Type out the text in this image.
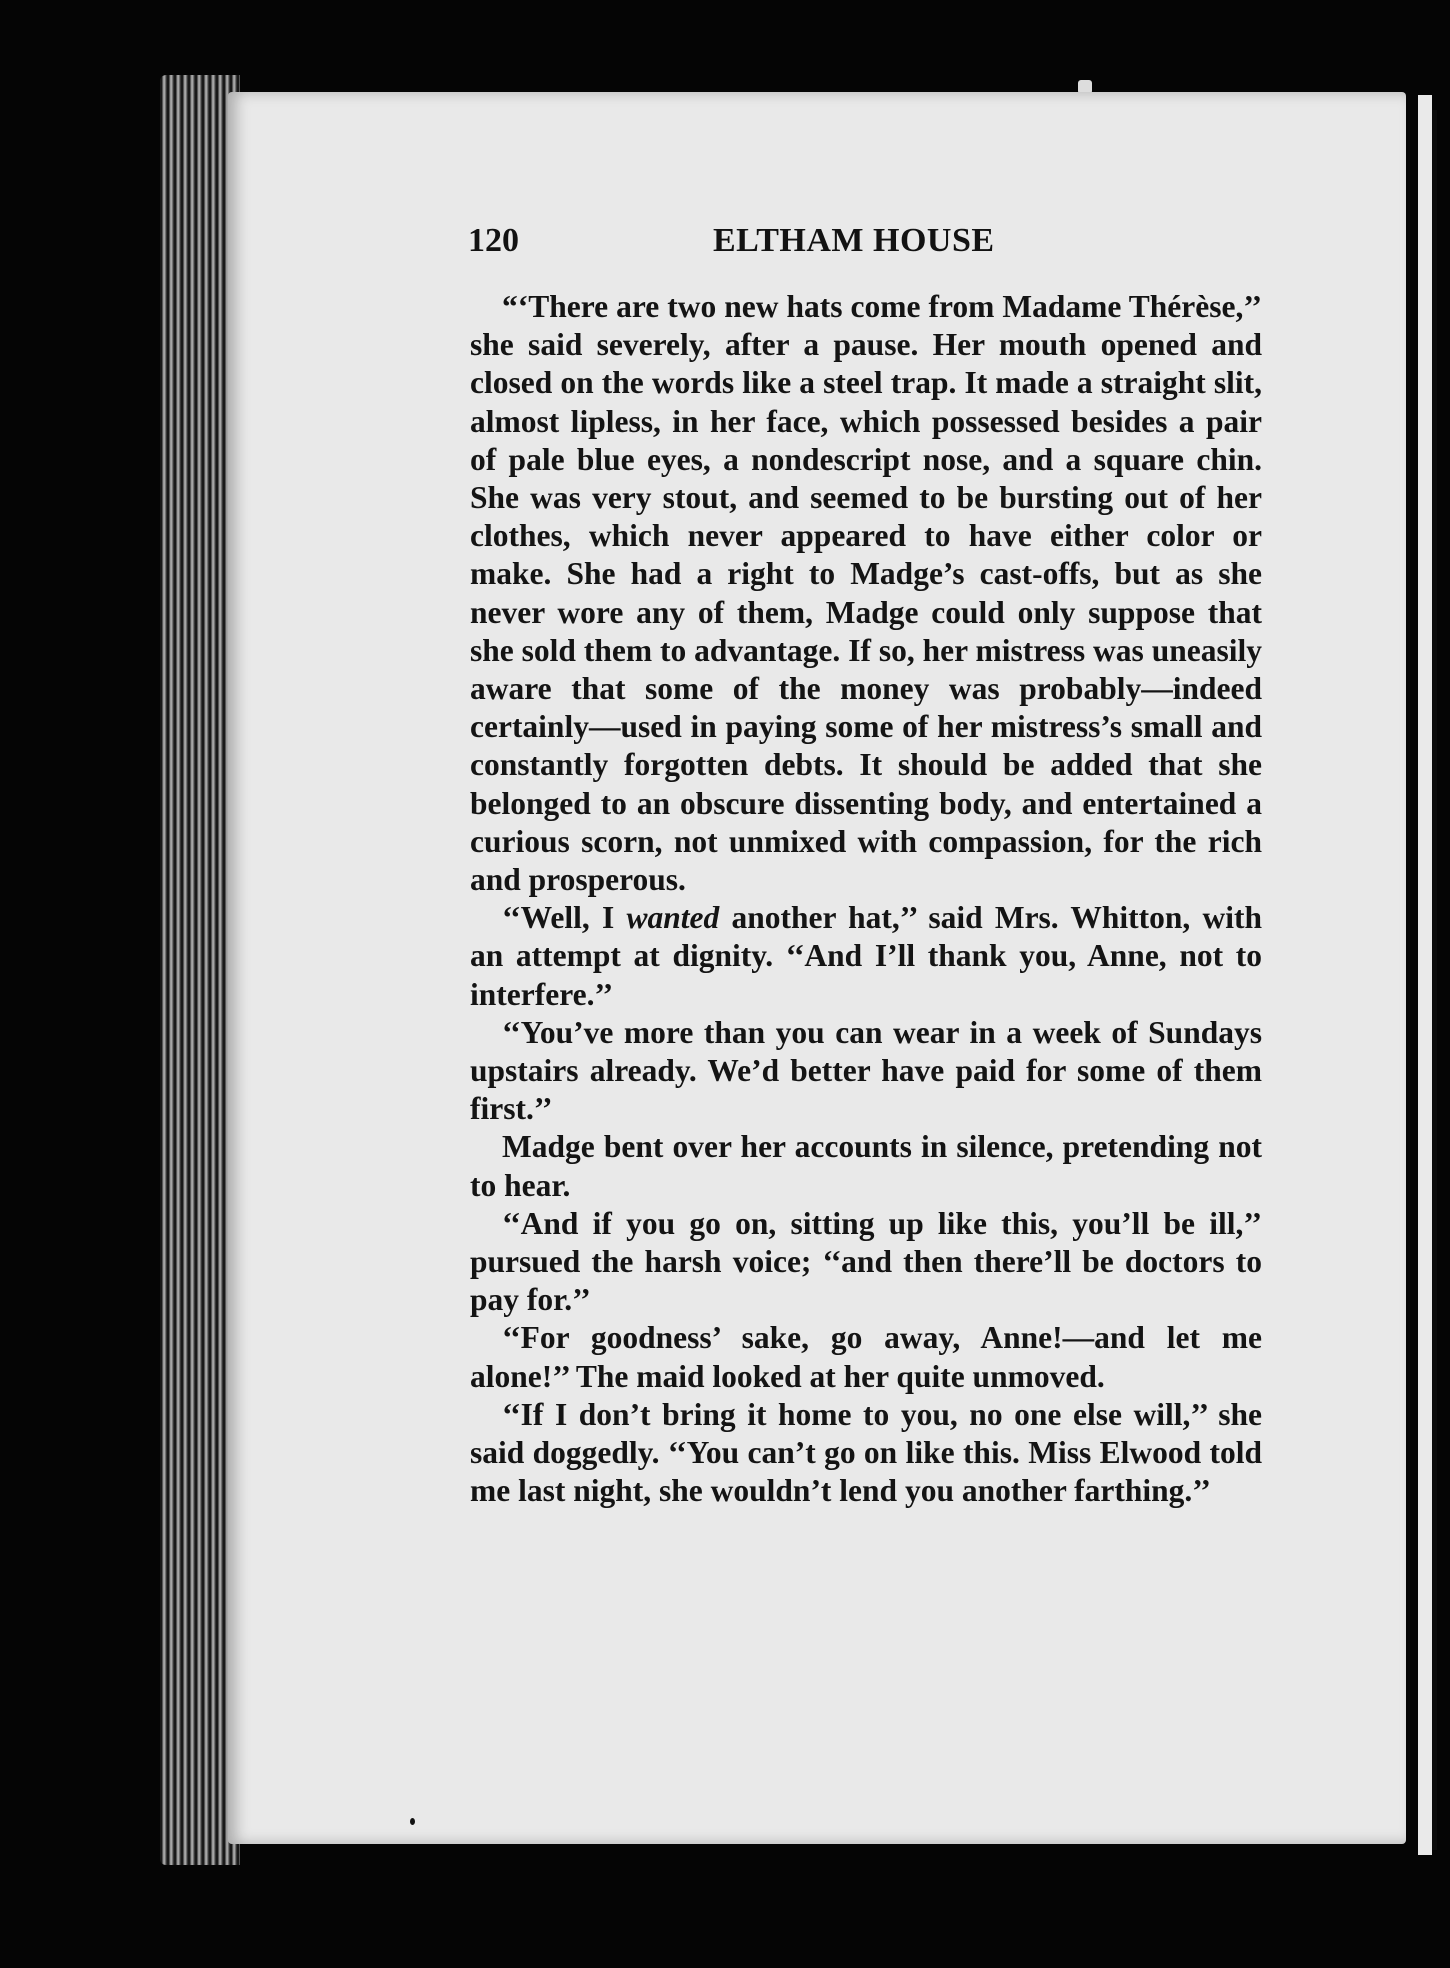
120	ELTHAM HOUSE

“‘There are two new hats come from Madame Thérèse,’’ she said severely, after a pause. Her mouth opened and closed on the words like a steel trap. It made a straight slit, almost lipless, in her face, which possessed besides a pair of pale blue eyes, a nondescript nose, and a square chin. She was very stout, and seemed to be bursting out of her clothes, which never appeared to have either color or make. She had a right to Madge’s cast-offs, but as she never wore any of them, Madge could only suppose that she sold them to advantage. If so, her mistress was uneasily aware that some of the money was probably—indeed certainly—used in paying some of her mistress’s small and constantly forgotten debts. It should be added that she belonged to an obscure dissenting body, and entertained a curious scorn, not unmixed with compassion, for the rich and prosperous.

‘‘Well, I wanted another hat,’’ said Mrs. Whitton, with an attempt at dignity. ‘‘And I’ll thank you, Anne, not to interfere.’’

‘‘You’ve more than you can wear in a week of Sundays upstairs already. We’d better have paid for some of them first.’’

Madge bent over her accounts in silence, pretending not to hear.

‘‘And if you go on, sitting up like this, you’ll be ill,’’ pursued the harsh voice; ‘‘and then there’ll be doctors to pay for.’’

‘‘For goodness’ sake, go away, Anne!—and let me alone!’’ The maid looked at her quite unmoved.

‘‘If I don’t bring it home to you, no one else will,’’ she said doggedly. ‘‘You can’t go on like this. Miss Elwood told me last night, she wouldn’t lend you another farthing.’’
